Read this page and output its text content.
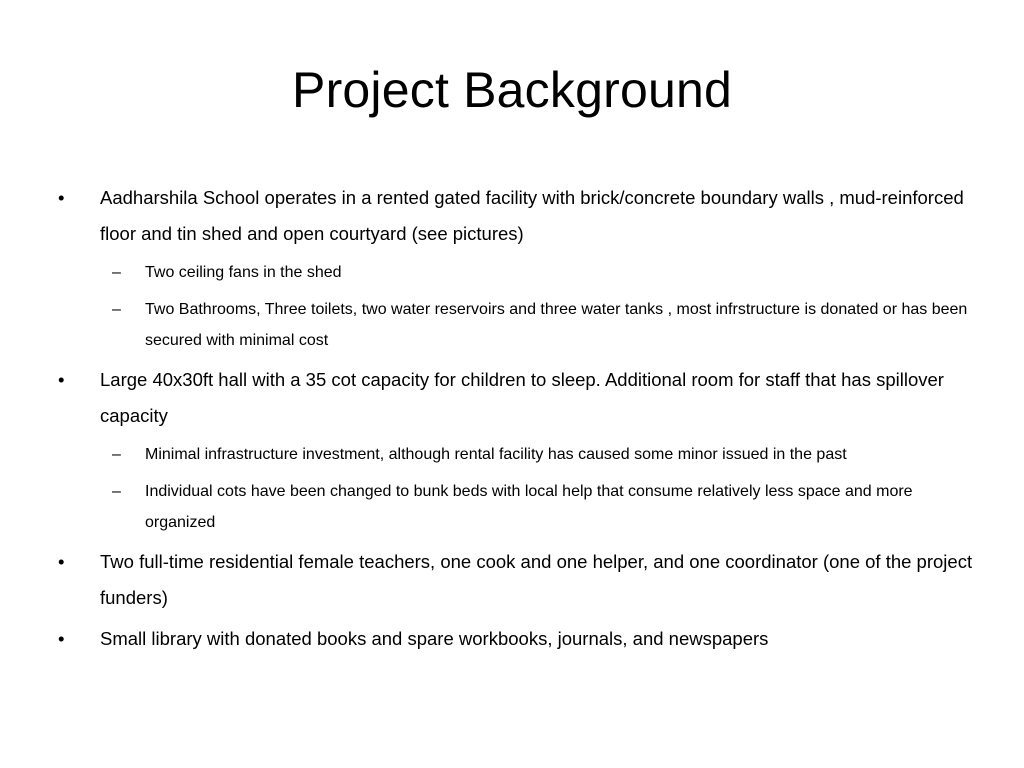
Project Background
•	Aadharshila School operates in a rented gated facility with brick/concrete boundary walls , mud-reinforced floor and tin shed and open courtyard (see pictures)
– Two ceiling fans in the shed
– Two Bathrooms, Three toilets, two water reservoirs and three water tanks , most infrstructure is donated or has been secured with minimal cost
•	Large 40x30ft hall with a 35 cot capacity for children to sleep. Additional room for staff that has spillover capacity
– Minimal infrastructure investment, although rental facility has caused some minor issued in the past
– Individual cots have been changed to bunk beds with local help that consume relatively less space and more organized
•	Two full-time residential female teachers, one cook and one helper, and one coordinator (one of the project funders)
•	Small library with donated books and spare workbooks, journals, and newspapers
